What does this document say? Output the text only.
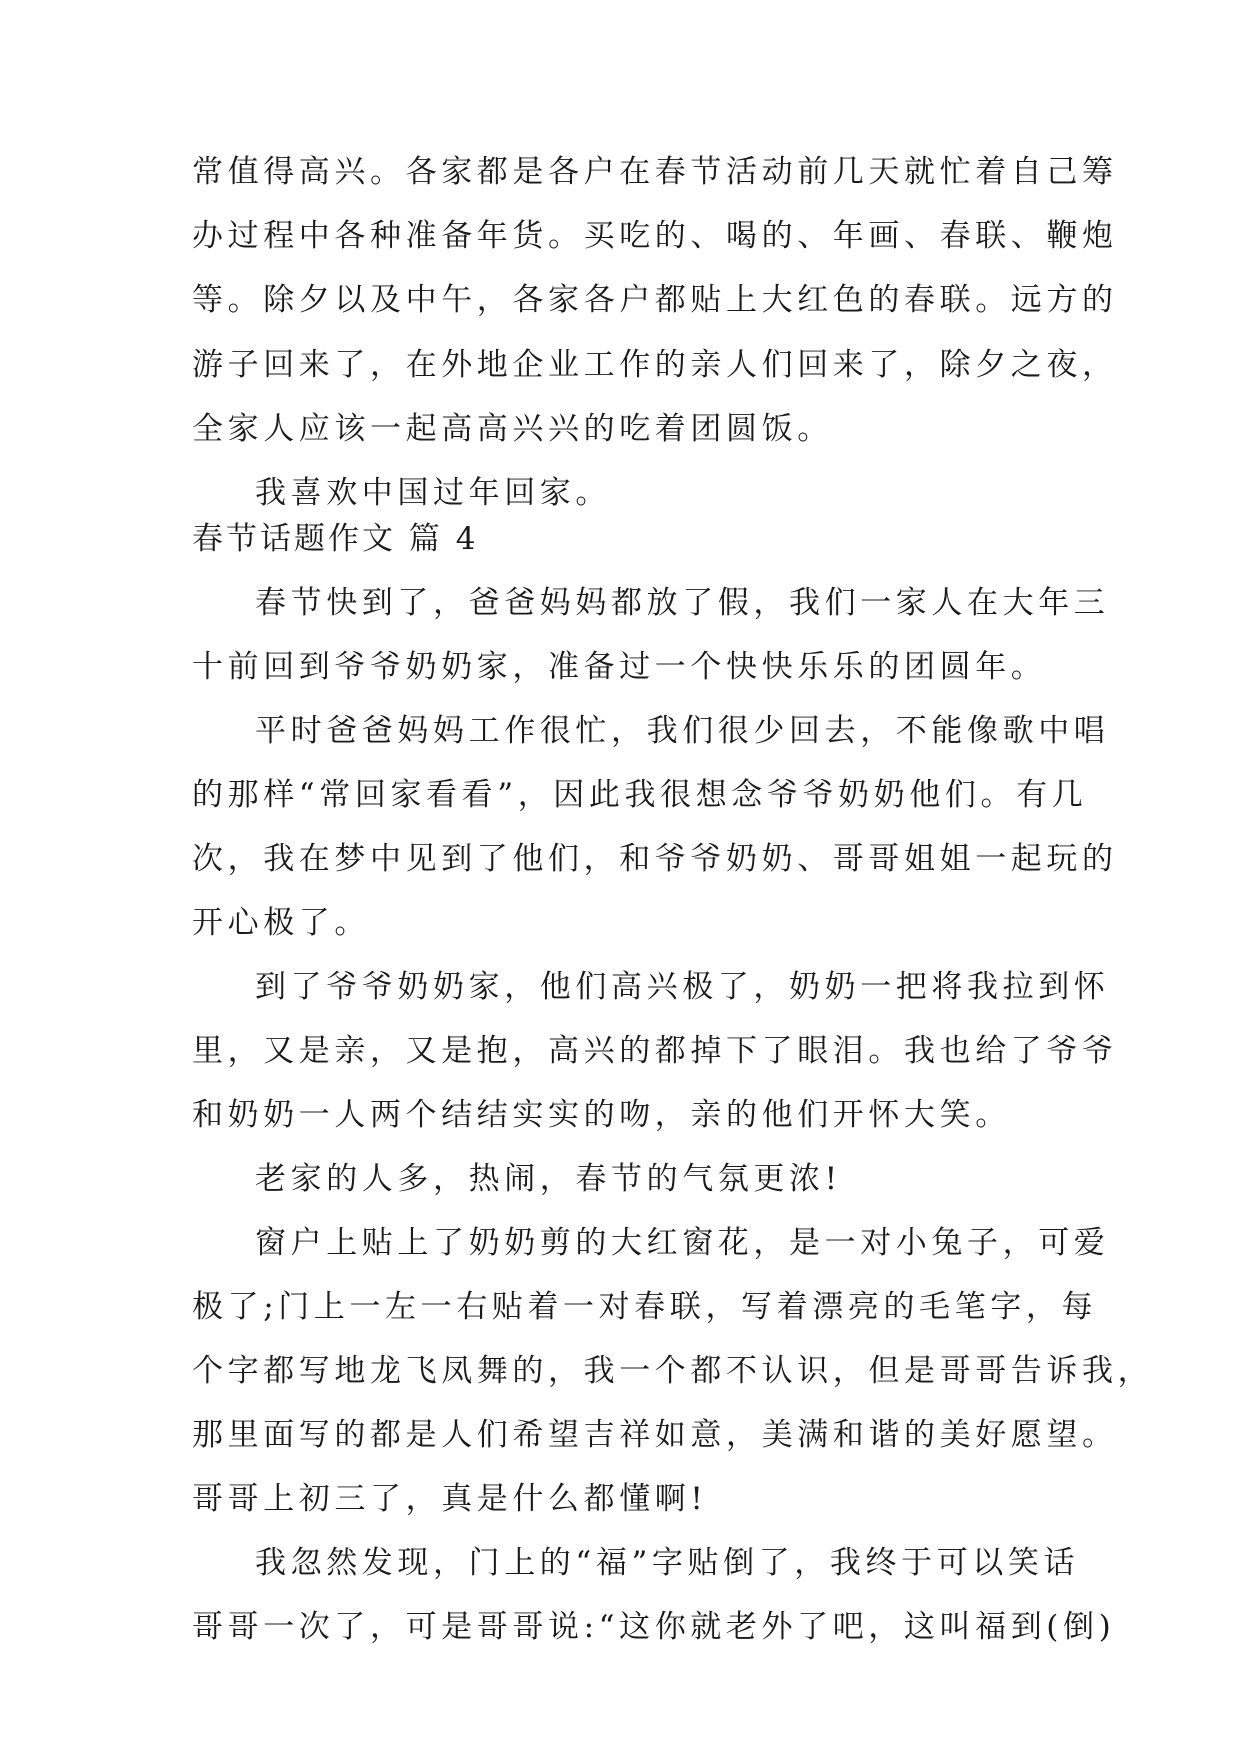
常值得高兴。各家都是各户在春节活动前几天就忙着自己筹
办过程中各种准备年货。买吃的、喝的、年画、春联、鞭炮
等。除夕以及中午，各家各户都贴上大红色的春联。远方的
游子回来了，在外地企业工作的亲人们回来了，除夕之夜，
全家人应该一起高高兴兴的吃着团圆饭。
我喜欢中国过年回家。
春节话题作文 篇 4
春节快到了，爸爸妈妈都放了假，我们一家人在大年三
十前回到爷爷奶奶家，准备过一个快快乐乐的团圆年。
平时爸爸妈妈工作很忙，我们很少回去，不能像歌中唱
的那样“常回家看看”，因此我很想念爷爷奶奶他们。有几
次，我在梦中见到了他们，和爷爷奶奶、哥哥姐姐一起玩的
开心极了。
到了爷爷奶奶家，他们高兴极了，奶奶一把将我拉到怀
里，又是亲，又是抱，高兴的都掉下了眼泪。我也给了爷爷
和奶奶一人两个结结实实的吻，亲的他们开怀大笑。
老家的人多，热闹，春节的气氛更浓!
窗户上贴上了奶奶剪的大红窗花，是一对小兔子，可爱
极了;门上一左一右贴着一对春联，写着漂亮的毛笔字，每
个字都写地龙飞凤舞的，我一个都不认识，但是哥哥告诉我，
那里面写的都是人们希望吉祥如意，美满和谐的美好愿望。
哥哥上初三了，真是什么都懂啊!
我忽然发现，门上的“福”字贴倒了，我终于可以笑话
哥哥一次了，可是哥哥说:“这你就老外了吧，这叫福到(倒)
